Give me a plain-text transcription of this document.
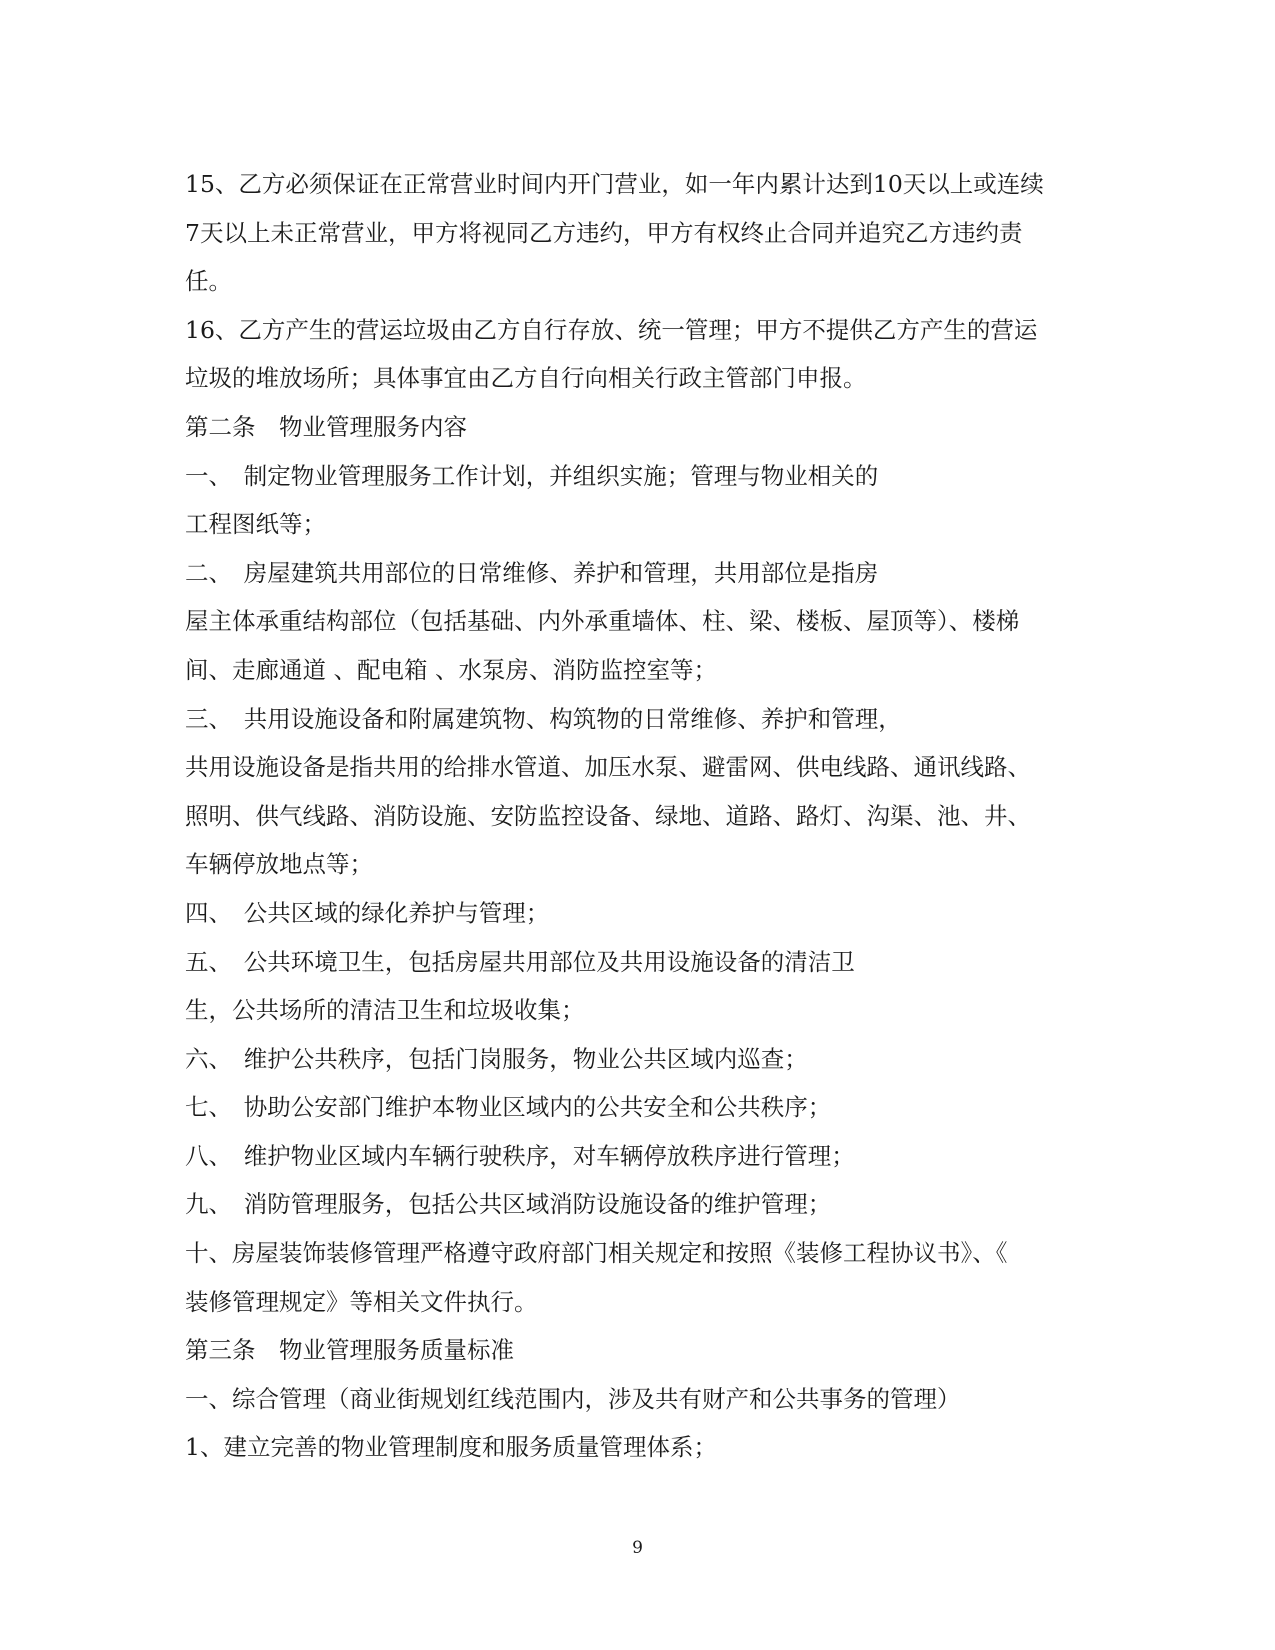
15、乙方必须保证在正常营业时间内开门营业，如一年内累计达到10天以上或连续
7天以上未正常营业，甲方将视同乙方违约，甲方有权终止合同并追究乙方违约责
任。
16、乙方产生的营运垃圾由乙方自行存放、统一管理；甲方不提供乙方产生的营运
垃圾的堆放场所；具体事宜由乙方自行向相关行政主管部门申报。
第二条　物业管理服务内容
一、　制定物业管理服务工作计划，并组织实施；管理与物业相关的
工程图纸等；
二、　房屋建筑共用部位的日常维修、养护和管理，共用部位是指房
屋主体承重结构部位（包括基础、内外承重墙体、柱、梁、楼板、屋顶等）、楼梯
间、走廊通道 、配电箱 、水泵房、消防监控室等；
三、　共用设施设备和附属建筑物、构筑物的日常维修、养护和管理，
共用设施设备是指共用的给排水管道、加压水泵、避雷网、供电线路、通讯线路、
照明、供气线路、消防设施、安防监控设备、绿地、道路、路灯、沟渠、池、井、
车辆停放地点等；
四、　公共区域的绿化养护与管理；
五、　公共环境卫生，包括房屋共用部位及共用设施设备的清洁卫
生，公共场所的清洁卫生和垃圾收集；
六、　维护公共秩序，包括门岗服务，物业公共区域内巡查；
七、　协助公安部门维护本物业区域内的公共安全和公共秩序；
八、　维护物业区域内车辆行驶秩序，对车辆停放秩序进行管理；
九、　消防管理服务，包括公共区域消防设施设备的维护管理；
十、房屋装饰装修管理严格遵守政府部门相关规定和按照《装修工程协议书》、《
装修管理规定》等相关文件执行。
第三条　物业管理服务质量标准
一、综合管理（商业街规划红线范围内，涉及共有财产和公共事务的管理）
1、建立完善的物业管理制度和服务质量管理体系；
9
